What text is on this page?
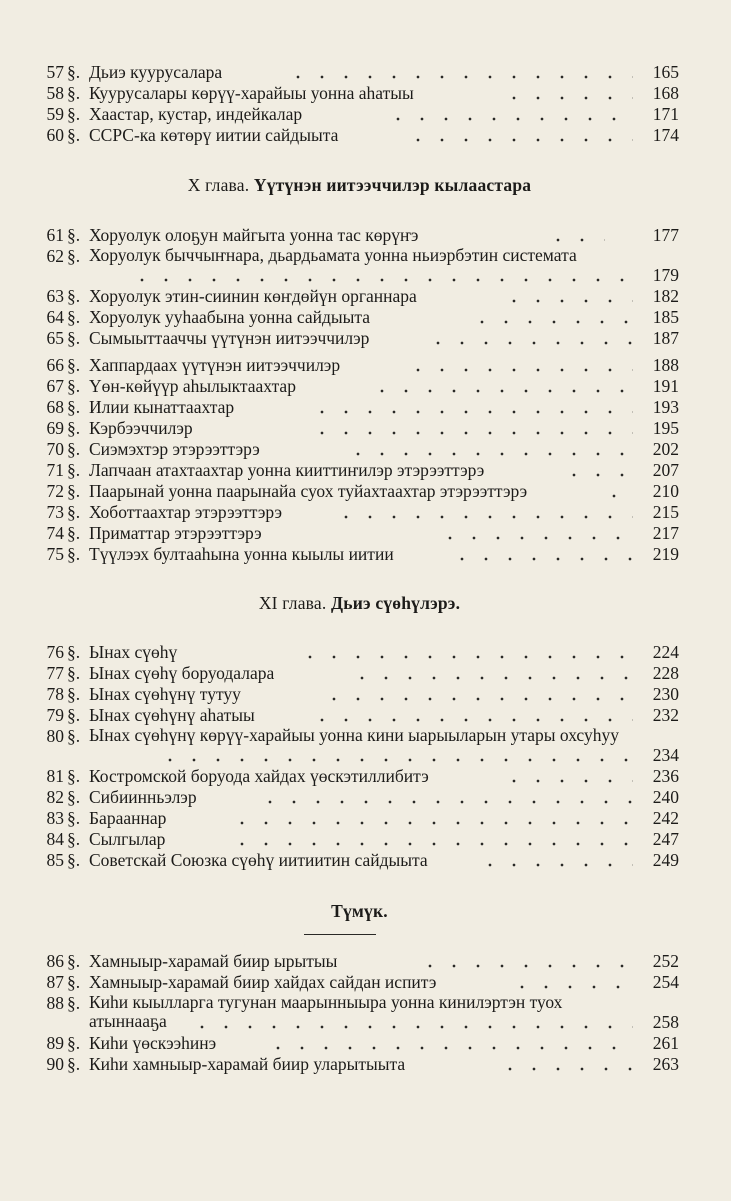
57 §. Дьиэ куурусалара	165
58 §. Куурусалары көрүү-харайыы уонна аһатыы	168
59 §. Хаастар, кустар, индейкалар	171
60 §. ССРС-ка көтөрү иитии сайдыыта	174
X глава. Үүтүнэн иитээччилэр кылаастара
61 §. Хоруолук олоҕун майгыта уонна тас көрүҥэ	177
62 §. Хоруолук быччыҥнара, дьардьамата уонна ньиэрбэтин системата
179
63 §. Хоруолук этин-сиинин көҥдөйүн органнара	182
64 §. Хоруолук ууһаабына уонна сайдыыта	185
65 §. Сымыыттааччы үүтүнэн иитээччилэр	187
66 §. Хаппардаах үүтүнэн иитээччилэр	188
67 §. Үөн-көйүүр аһылыктаахтар	191
68 §. Илии кынаттаахтар	193
69 §. Кэрбээччилэр	195
70 §. Сиэмэхтэр этэрээттэрэ	202
71 §. Лапчаан атахтаахтар уонна кииттиҥилэр этэрээттэрэ	207
72 §. Паарынай уонна паарынайа суох туйахтаахтар этэрээттэрэ	210
73 §. Хоботтаахтар этэрээттэрэ	215
74 §. Приматтар этэрээттэрэ	217
75 §. Түүлээх бултааһына уонна кыылы иитии	219
XI глава. Дьиэ сүөһүлэрэ.
76 §. Ынах сүөһү	224
77 §. Ынах сүөһү боруодалара	228
78 §. Ынах сүөһүнү тутуу	230
79 §. Ынах сүөһүнү аһатыы	232
80 §. Ынах сүөһүнү көрүү-харайыы уонна кини ыарыыларын утары охсуһуу
234
81 §. Костромской боруода хайдах үөскэтиллибитэ	236
82 §. Сибиинньэлэр	240
83 §. Барааннар	242
84 §. Сылгылар	247
85 §. Советскай Союзка сүөһү иитиитин сайдыыта	249
Түмүк.
86 §. Хамныыр-харамай биир ырытыы	252
87 §. Хамныыр-харамай биир хайдах сайдан испитэ	254
88 §. Киһи кыылларга тугунан маарынныыра уонна кинилэртэн туох атыннааҕа	258
89 §. Киһи үөскээһинэ	261
90 §. Киһи хамныыр-харамай биир уларытыыта	263
